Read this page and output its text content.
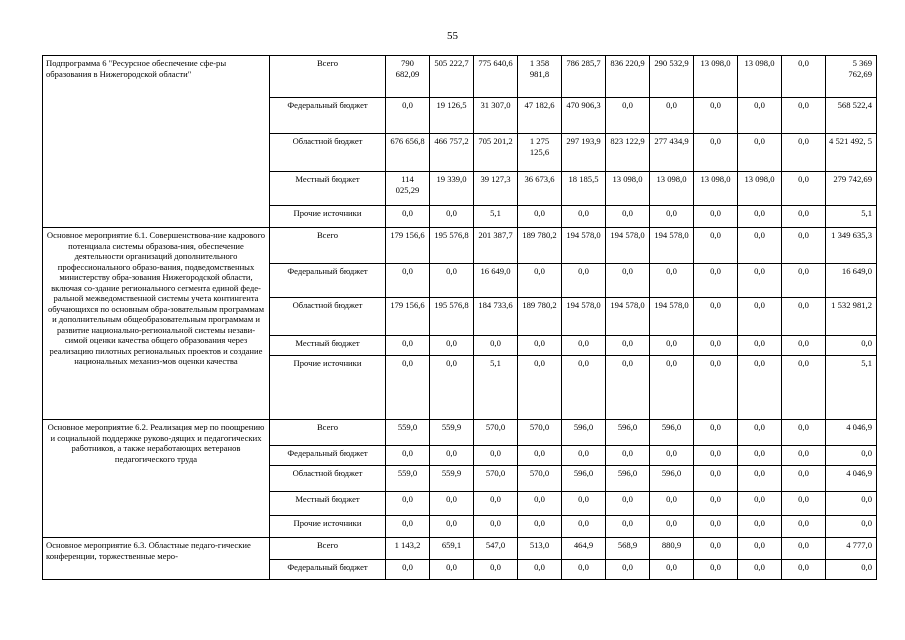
55
Подпрограмма 6 "Ресурсное обеспечение сфе-ры образования в Нижегородской области"	Всего	790 682,09	505 222,7	775 640,6	1 358 981,8	786 285,7	836 220,9	290 532,9	13 098,0	13 098,0	0,0	5 369 762,69
	Федеральный бюджет	0,0	19 126,5	31 307,0	47 182,6	470 906,3	0,0	0,0	0,0	0,0	0,0	568 522,4
	Областной бюджет	676 656,8	466 757,2	705 201,2	1 275 125,6	297 193,9	823 122,9	277 434,9	0,0	0,0	0,0	4 521 492, 5
	Местный бюджет	114 025,29	19 339,0	39 127,3	36 673,6	18 185,5	13 098,0	13 098,0	13 098,0	13 098,0	0,0	279 742,69
	Прочие источники	0,0	0,0	5,1	0,0	0,0	0,0	0,0	0,0	0,0	0,0	5,1
Основное мероприятие 6.1. Совершенствова-ние кадрового потенциала системы образова-ния, обеспечение деятельности организаций дополнительного профессионального образо-вания, подведомственных министерству обра-зования Нижегородской области, включая со-здание регионального сегмента единой феде-ральной межведомственной системы учета контингента обучающихся по основным обра-зовательным программам и дополнительным общеобразовательным программам и развитие национально-региональной системы незави-симой оценки качества общего образования через реализацию пилотных региональных проектов и создание национальных механиз-мов оценки качества	Всего	179 156,6	195 576,8	201 387,7	189 780,2	194 578,0	194 578,0	194 578,0	0,0	0,0	0,0	1 349 635,3
	Федеральный бюджет	0,0	0,0	16 649,0	0,0	0,0	0,0	0,0	0,0	0,0	0,0	16 649,0
	Областной бюджет	179 156,6	195 576,8	184 733,6	189 780,2	194 578,0	194 578,0	194 578,0	0,0	0,0	0,0	1 532 981,2
	Местный бюджет	0,0	0,0	0,0	0,0	0,0	0,0	0,0	0,0	0,0	0,0	0,0
	Прочие источники	0,0	0,0	5,1	0,0	0,0	0,0	0,0	0,0	0,0	0,0	5,1
Основное мероприятие 6.2. Реализация мер по поощрению и социальной поддержке руково-дящих и педагогических работников, а также неработающих ветеранов педагогического труда	Всего	559,0	559,9	570,0	570,0	596,0	596,0	596,0	0,0	0,0	0,0	4 046,9
	Федеральный бюджет	0,0	0,0	0,0	0,0	0,0	0,0	0,0	0,0	0,0	0,0	0,0
	Областной бюджет	559,0	559,9	570,0	570,0	596,0	596,0	596,0	0,0	0,0	0,0	4 046,9
	Местный бюджет	0,0	0,0	0,0	0,0	0,0	0,0	0,0	0,0	0,0	0,0	0,0
	Прочие источники	0,0	0,0	0,0	0,0	0,0	0,0	0,0	0,0	0,0	0,0	0,0
Основное мероприятие 6.3. Областные педаго-гические конференции, торжественные меро-	Всего	1 143,2	659,1	547,0	513,0	464,9	568,9	880,9	0,0	0,0	0,0	4 777,0
	Федеральный бюджет	0,0	0,0	0,0	0,0	0,0	0,0	0,0	0,0	0,0	0,0	0,0
